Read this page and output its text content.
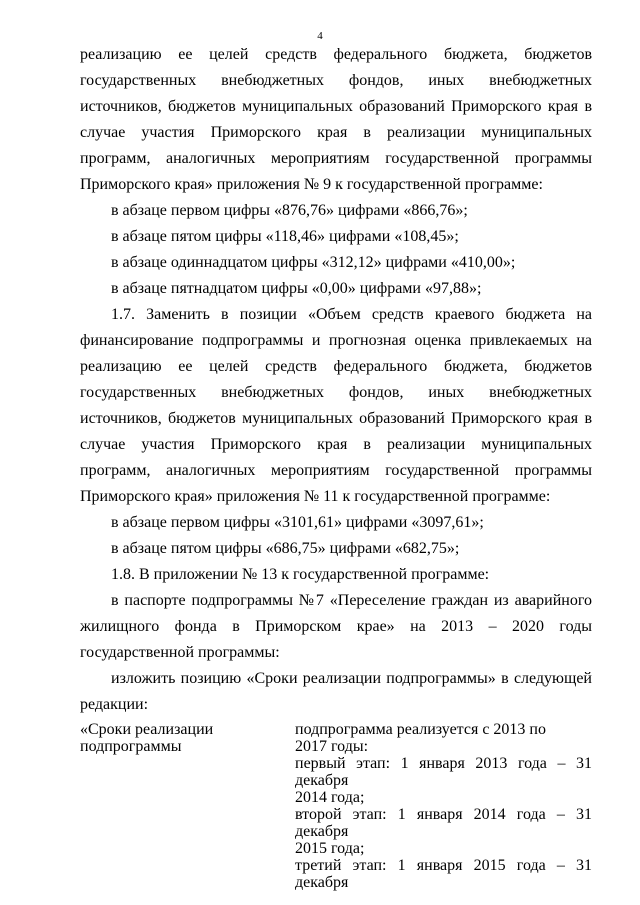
4

реализацию ее целей средств федерального бюджета, бюджетов государственных внебюджетных фондов, иных внебюджетных источников, бюджетов муниципальных образований Приморского края в случае участия Приморского края в реализации муниципальных программ, аналогичных мероприятиям государственной программы Приморского края» приложения № 9 к государственной программе:

в абзаце первом цифры «876,76» цифрами «866,76»;

в абзаце пятом цифры «118,46» цифрами «108,45»;

в абзаце одиннадцатом цифры «312,12» цифрами «410,00»;

в абзаце пятнадцатом цифры «0,00» цифрами «97,88»;

1.7. Заменить в позиции «Объем средств краевого бюджета на финансирование подпрограммы и прогнозная оценка привлекаемых на реализацию ее целей средств федерального бюджета, бюджетов государственных внебюджетных фондов, иных внебюджетных источников, бюджетов муниципальных образований Приморского края в случае участия Приморского края в реализации муниципальных программ, аналогичных мероприятиям государственной программы Приморского края» приложения № 11 к государственной программе:

в абзаце первом цифры «3101,61» цифрами «3097,61»;

в абзаце пятом цифры «686,75» цифрами «682,75»;

1.8. В приложении № 13 к государственной программе:

в паспорте подпрограммы №7 «Переселение граждан из аварийного жилищного фонда в Приморском крае» на 2013 – 2020 годы государственной программы:

изложить позицию «Сроки реализации подпрограммы» в следующей редакции:

«Сроки реализации
подпрограммы
подпрограмма реализуется с 2013 по
2017 годы:
первый этап: 1 января 2013 года – 31 декабря
2014 года;
второй этап: 1 января 2014 года – 31 декабря
2015 года;
третий этап: 1 января 2015 года – 31 декабря
